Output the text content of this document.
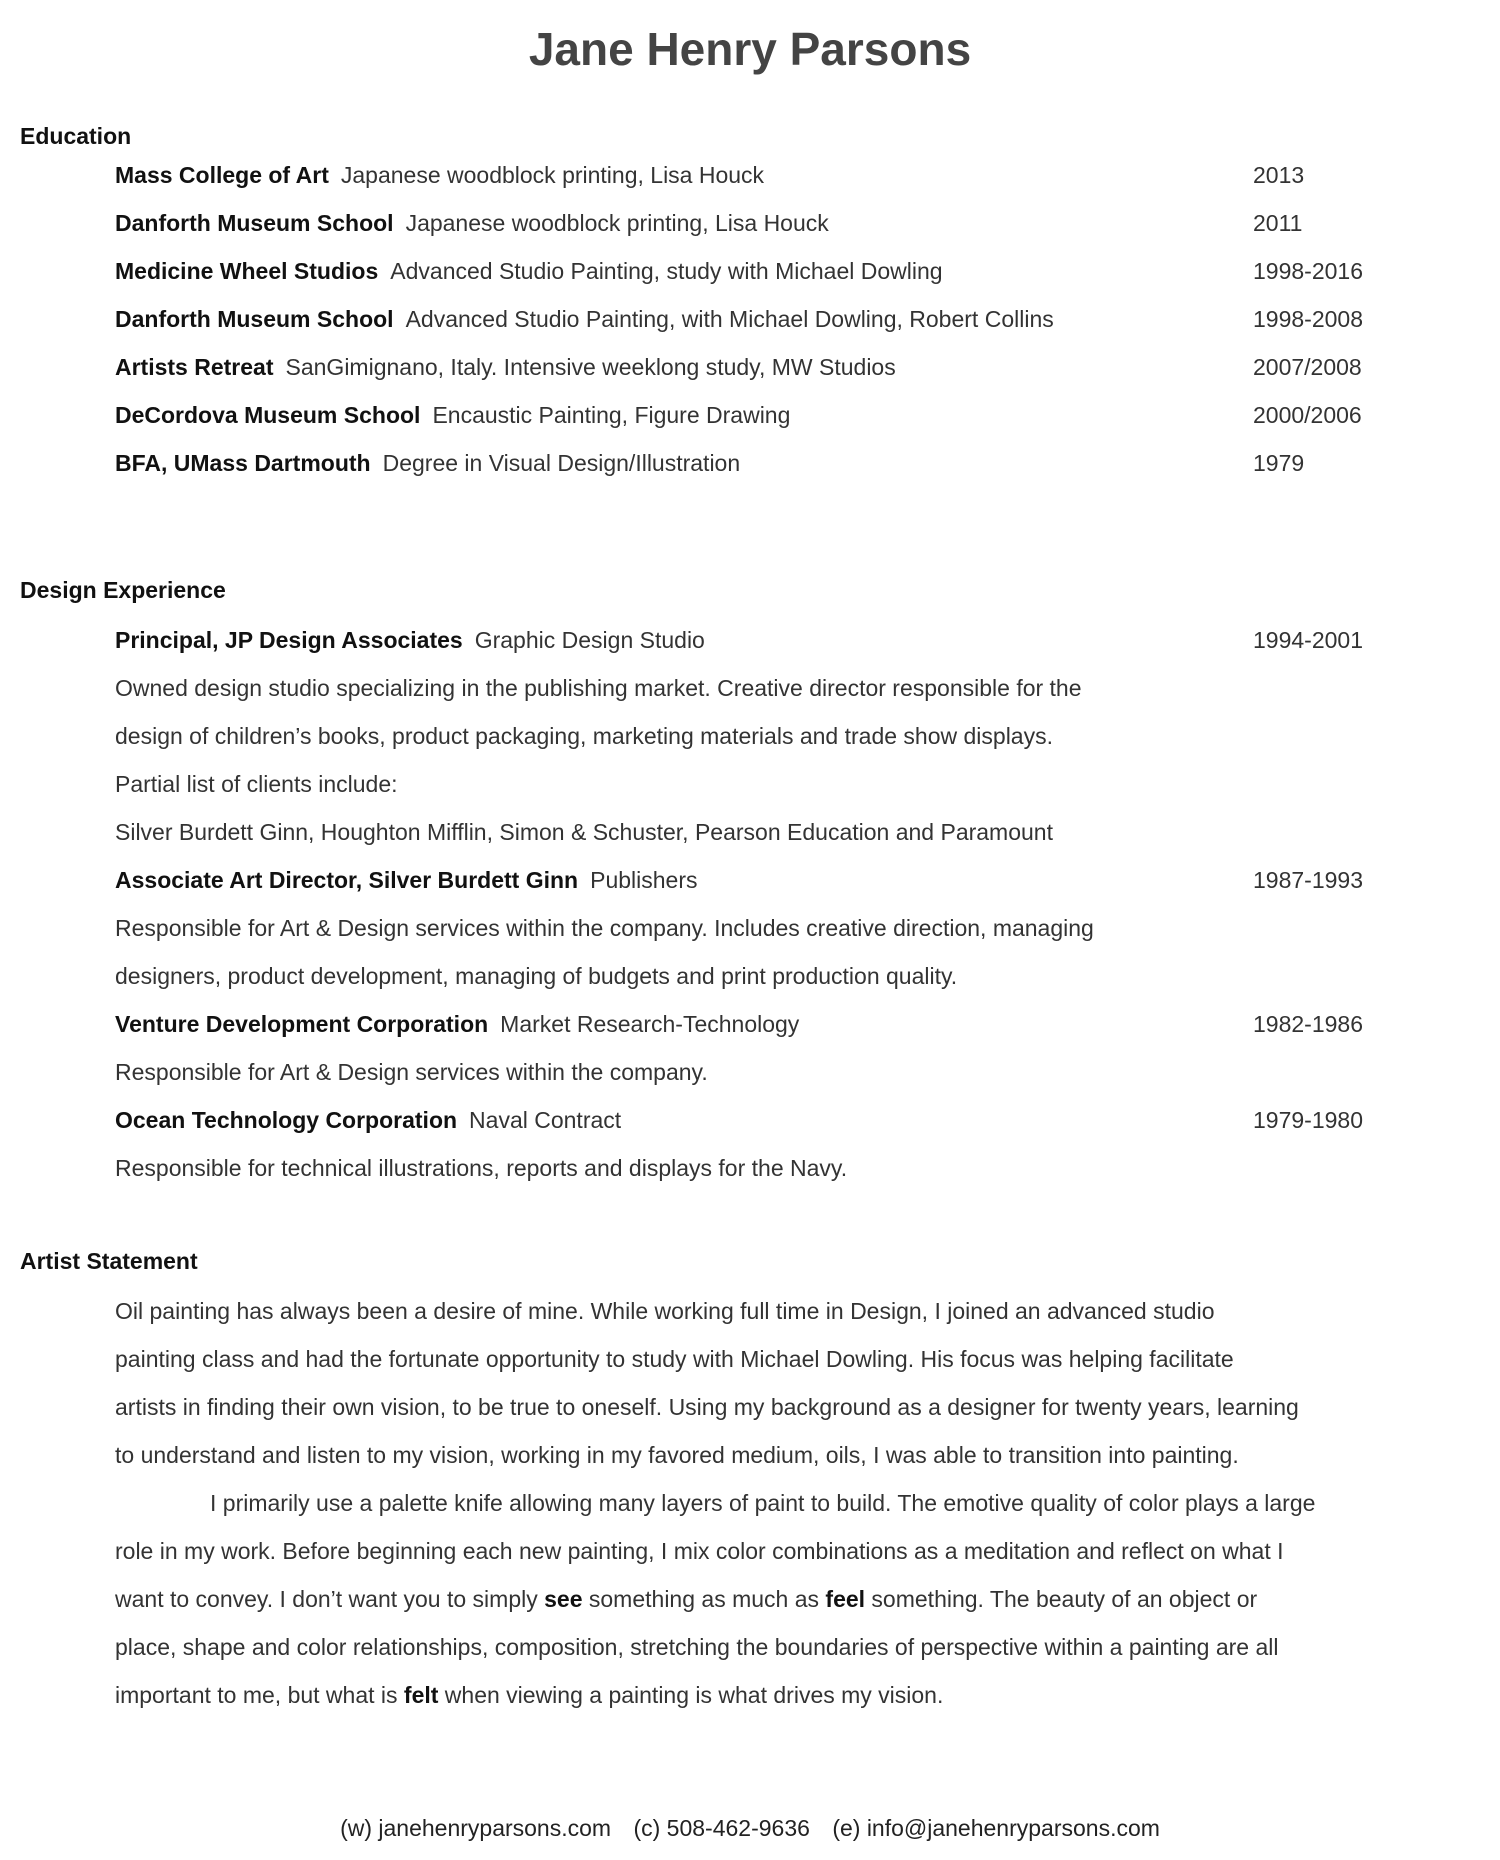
Jane Henry Parsons
Education
Mass College of Art Japanese woodblock printing, Lisa Houck	2013
Danforth Museum School Japanese woodblock printing, Lisa Houck	2011
Medicine Wheel Studios Advanced Studio Painting, study with Michael Dowling	1998-2016
Danforth Museum School Advanced Studio Painting, with Michael Dowling, Robert Collins	1998-2008
Artists Retreat SanGimignano, Italy. Intensive weeklong study, MW Studios	2007/2008
DeCordova Museum School Encaustic Painting, Figure Drawing	2000/2006
BFA, UMass Dartmouth Degree in Visual Design/Illustration	1979
Design Experience
Principal, JP Design Associates Graphic Design Studio	1994-2001
Owned design studio specializing in the publishing market. Creative director responsible for the
design of children’s books, product packaging, marketing materials and trade show displays.
Partial list of clients include:
Silver Burdett Ginn, Houghton Mifflin, Simon & Schuster, Pearson Education and Paramount
Associate Art Director, Silver Burdett Ginn Publishers	1987-1993
Responsible for Art & Design services within the company. Includes creative direction, managing
designers, product development, managing of budgets and print production quality.
Venture Development Corporation Market Research-Technology	1982-1986
Responsible for Art & Design services within the company.
Ocean Technology Corporation Naval Contract	1979-1980
Responsible for technical illustrations, reports and displays for the Navy.
Artist Statement
Oil painting has always been a desire of mine. While working full time in Design, I joined an advanced studio
painting class and had the fortunate opportunity to study with Michael Dowling. His focus was helping facilitate
artists in finding their own vision, to be true to oneself. Using my background as a designer for twenty years, learning
to understand and listen to my vision, working in my favored medium, oils, I was able to transition into painting.
I primarily use a palette knife allowing many layers of paint to build. The emotive quality of color plays a large
role in my work. Before beginning each new painting, I mix color combinations as a meditation and reflect on what I
want to convey. I don’t want you to simply see something as much as feel something. The beauty of an object or
place, shape and color relationships, composition, stretching the boundaries of perspective within a painting are all
important to me, but what is felt when viewing a painting is what drives my vision.
(w) janehenryparsons.com (c) 508-462-9636 (e) info@janehenryparsons.com
